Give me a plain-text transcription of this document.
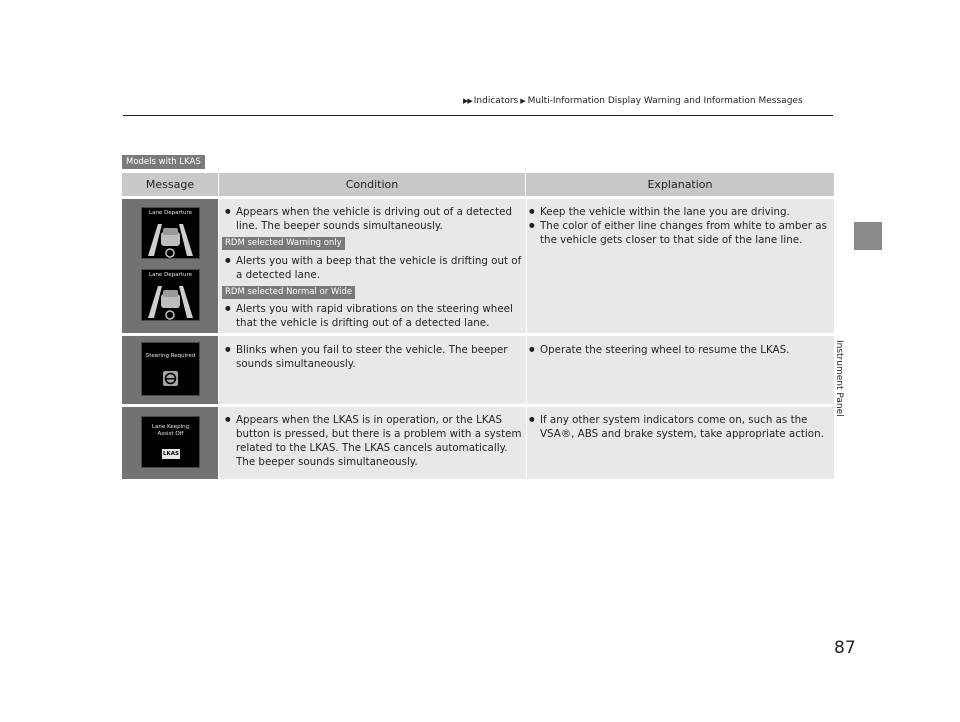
▶▶ Indicators ▶ Multi-Information Display Warning and Information Messages
Instrument Panel
87
Models with LKAS
Message	Condition	Explanation
Lane Departure
Lane Departure
● Appears when the vehicle is driving out of a detected line. The beeper sounds simultaneously.
RDM selected Warning only
● Alerts you with a beep that the vehicle is drifting out of a detected lane.
RDM selected Normal or Wide
● Alerts you with rapid vibrations on the steering wheel that the vehicle is drifting out of a detected lane.
● Keep the vehicle within the lane you are driving.
● The color of either line changes from white to amber as the vehicle gets closer to that side of the lane line.
Steering Required
●	Blinks when you fail to steer the vehicle. The beeper sounds simultaneously.
● Operate the steering wheel to resume the LKAS.
Lane Keeping Assist Off
LKAS
● Appears when the LKAS is in operation, or the LKAS button is pressed, but there is a problem with a system related to the LKAS. The LKAS cancels automatically. The beeper sounds simultaneously.
● If any other system indicators come on, such as the VSA®, ABS and brake system, take appropriate action.
